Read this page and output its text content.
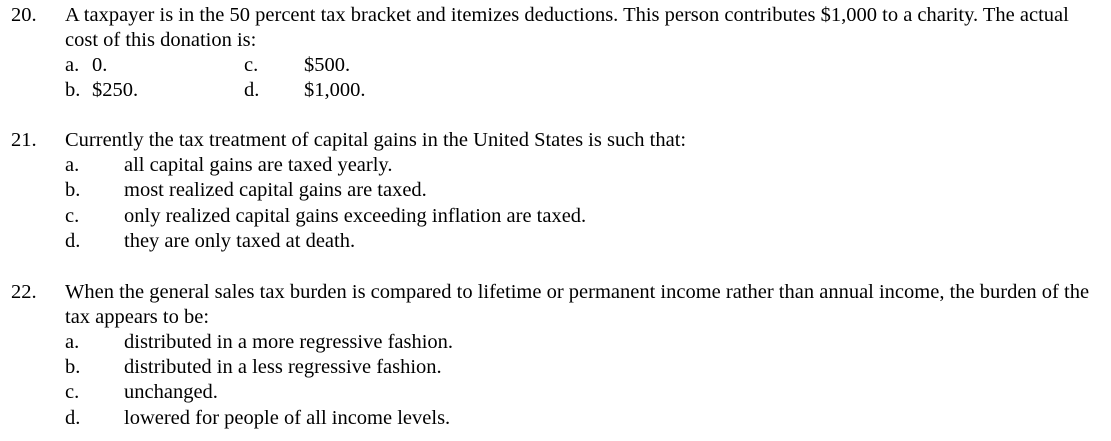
20. A taxpayer is in the 50 percent tax bracket and itemizes deductions. This person contributes $1,000 to a charity. The actual cost of this donation is:
a. 0.
b. $250.
c. $500.
d. $1,000.
21. Currently the tax treatment of capital gains in the United States is such that:
a. all capital gains are taxed yearly.
b. most realized capital gains are taxed.
c. only realized capital gains exceeding inflation are taxed.
d. they are only taxed at death.
22. When the general sales tax burden is compared to lifetime or permanent income rather than annual income, the burden of the tax appears to be:
a. distributed in a more regressive fashion.
b. distributed in a less regressive fashion.
c. unchanged.
d. lowered for people of all income levels.
